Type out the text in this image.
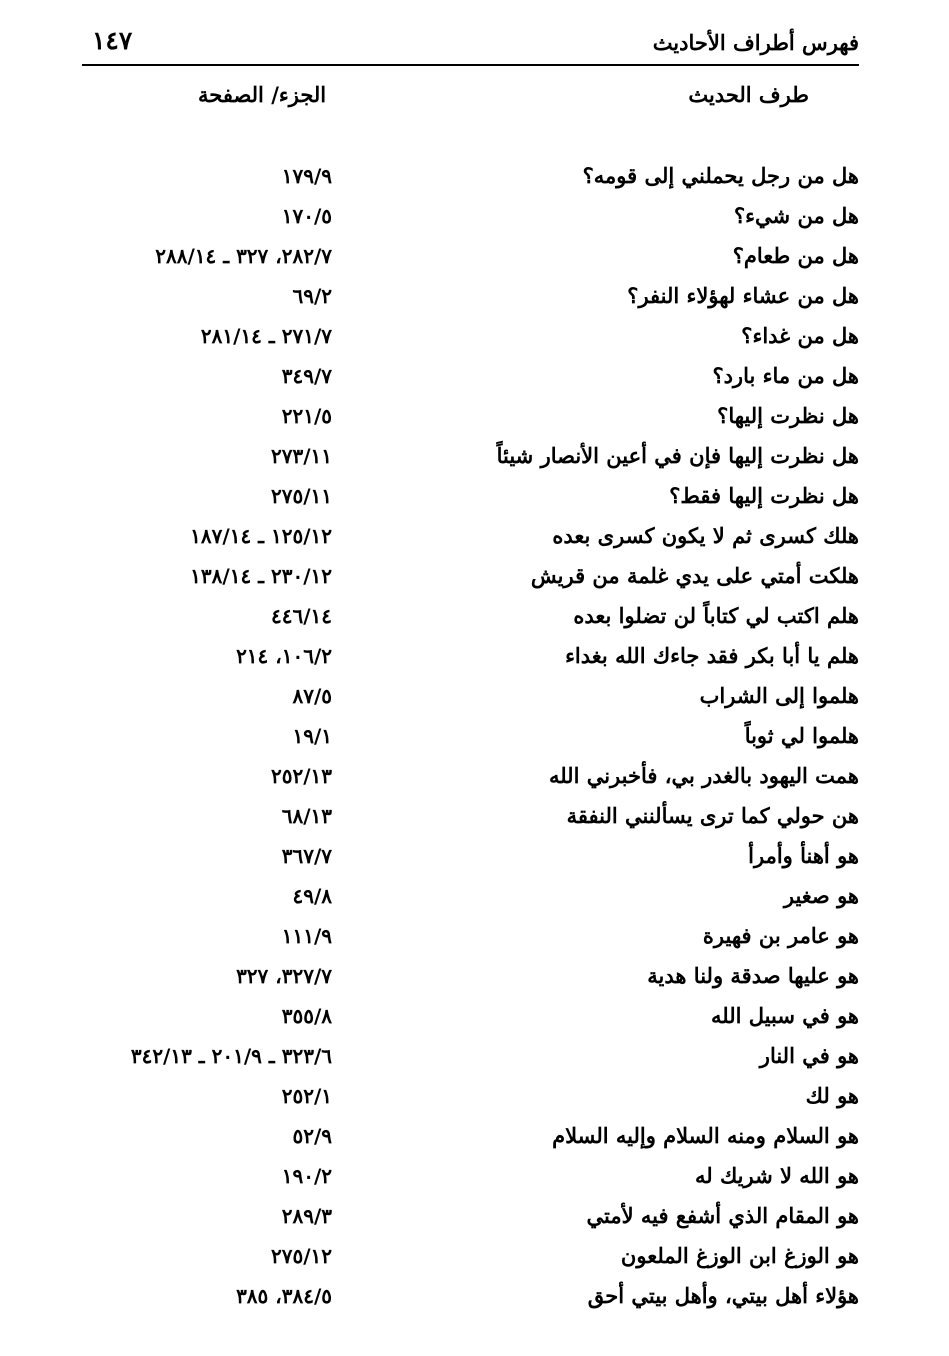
فهرس أطراف الأحاديث
١٤٧
طرف الحديث
الجزء/ الصفحة
هل من رجل يحملني إلى قومه؟
١٧٩/٩
هل من شيء؟
١٧٠/٥
هل من طعام؟
٢٨٢/٧، ٣٢٧ ـ ٢٨٨/١٤
هل من عشاء لهؤلاء النفر؟
٦٩/٢
هل من غداء؟
٢٧١/٧ ـ ٢٨١/١٤
هل من ماء بارد؟
٣٤٩/٧
هل نظرت إليها؟
٢٢١/٥
هل نظرت إليها فإن في أعين الأنصار شيئاً
٢٧٣/١١
هل نظرت إليها فقط؟
٢٧٥/١١
هلك كسرى ثم لا يكون كسرى بعده
١٢٥/١٢ ـ ١٨٧/١٤
هلكت أمتي على يدي غلمة من قريش
٢٣٠/١٢ ـ ١٣٨/١٤
هلم اكتب لي كتاباً لن تضلوا بعده
٤٤٦/١٤
هلم يا أبا بكر فقد جاءك الله بغداء
١٠٦/٢، ٢١٤
هلموا إلى الشراب
٨٧/٥
هلموا لي ثوباً
١٩/١
همت اليهود بالغدر بي، فأخبرني الله
٢٥٢/١٣
هن حولي كما ترى يسألنني النفقة
٦٨/١٣
هو أهنأ وأمرأ
٣٦٧/٧
هو صغير
٤٩/٨
هو عامر بن فهيرة
١١١/٩
هو عليها صدقة ولنا هدية
٣٢٧/٧، ٣٢٧
هو في سبيل الله
٣٥٥/٨
هو في النار
٣٢٣/٦ ـ ٢٠١/٩ ـ ٣٤٢/١٣
هو لك
٢٥٢/١
هو السلام ومنه السلام وإليه السلام
٥٢/٩
هو الله لا شريك له
١٩٠/٢
هو المقام الذي أشفع فيه لأمتي
٢٨٩/٣
هو الوزغ ابن الوزغ الملعون
٢٧٥/١٢
هؤلاء أهل بيتي، وأهل بيتي أحق
٣٨٤/٥، ٣٨٥
